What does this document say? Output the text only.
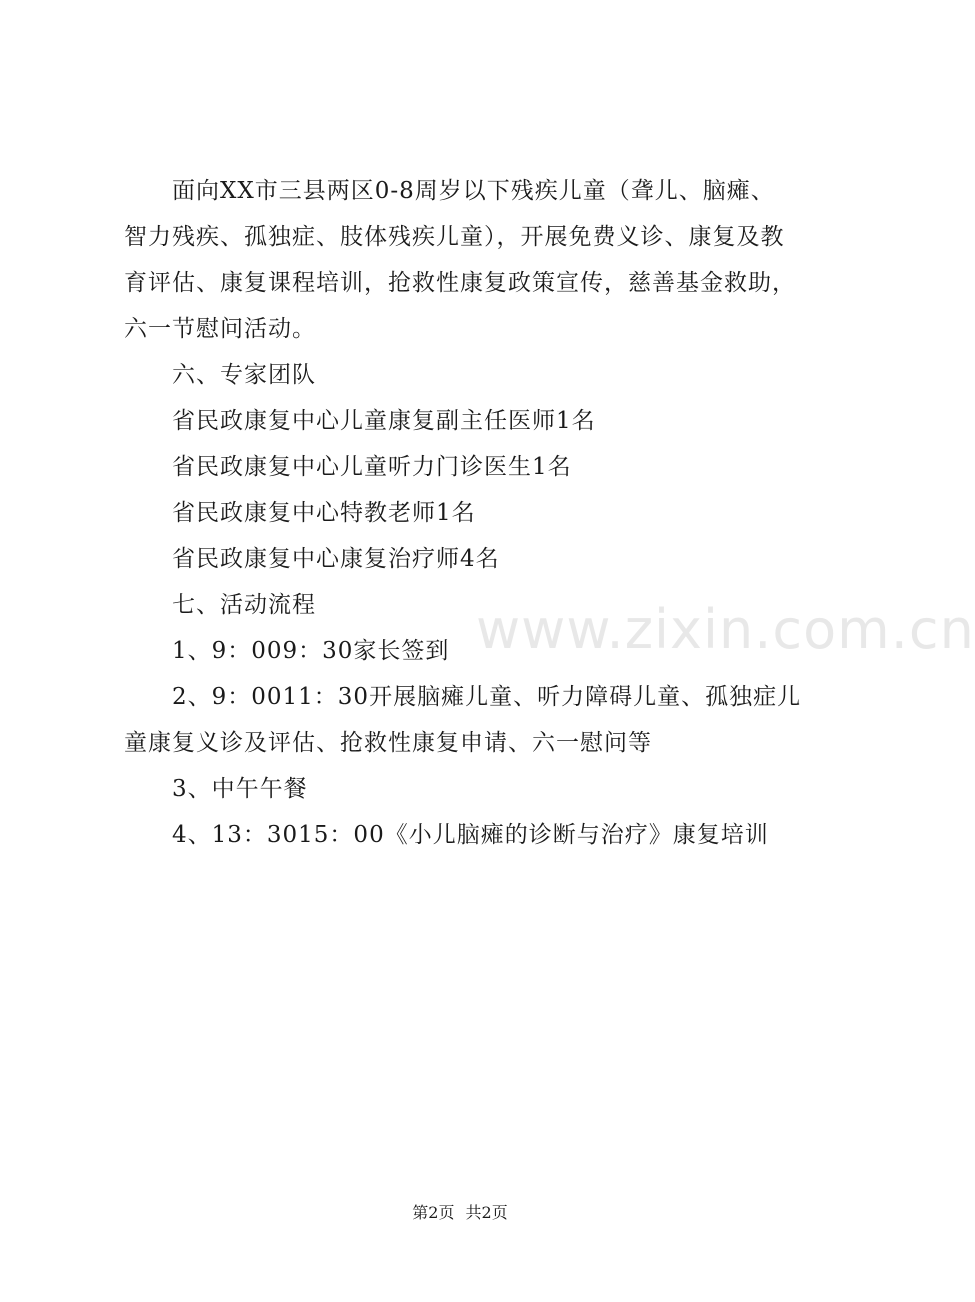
面向XX市三县两区0-8周岁以下残疾儿童（聋儿、脑瘫、
智力残疾、孤独症、肢体残疾儿童），开展免费义诊、康复及教
育评估、康复课程培训，抢救性康复政策宣传，慈善基金救助，
六一节慰问活动。
六、专家团队
省民政康复中心儿童康复副主任医师1名
省民政康复中心儿童听力门诊医生1名
省民政康复中心特教老师1名
省民政康复中心康复治疗师4名
七、活动流程
1、9：009：30家长签到
2、9：0011：30开展脑瘫儿童、听力障碍儿童、孤独症儿
童康复义诊及评估、抢救性康复申请、六一慰问等
3、中午午餐
4、13：3015：00《小儿脑瘫的诊断与治疗》康复培训
www.zixin.com.cn
第2页 共2页
